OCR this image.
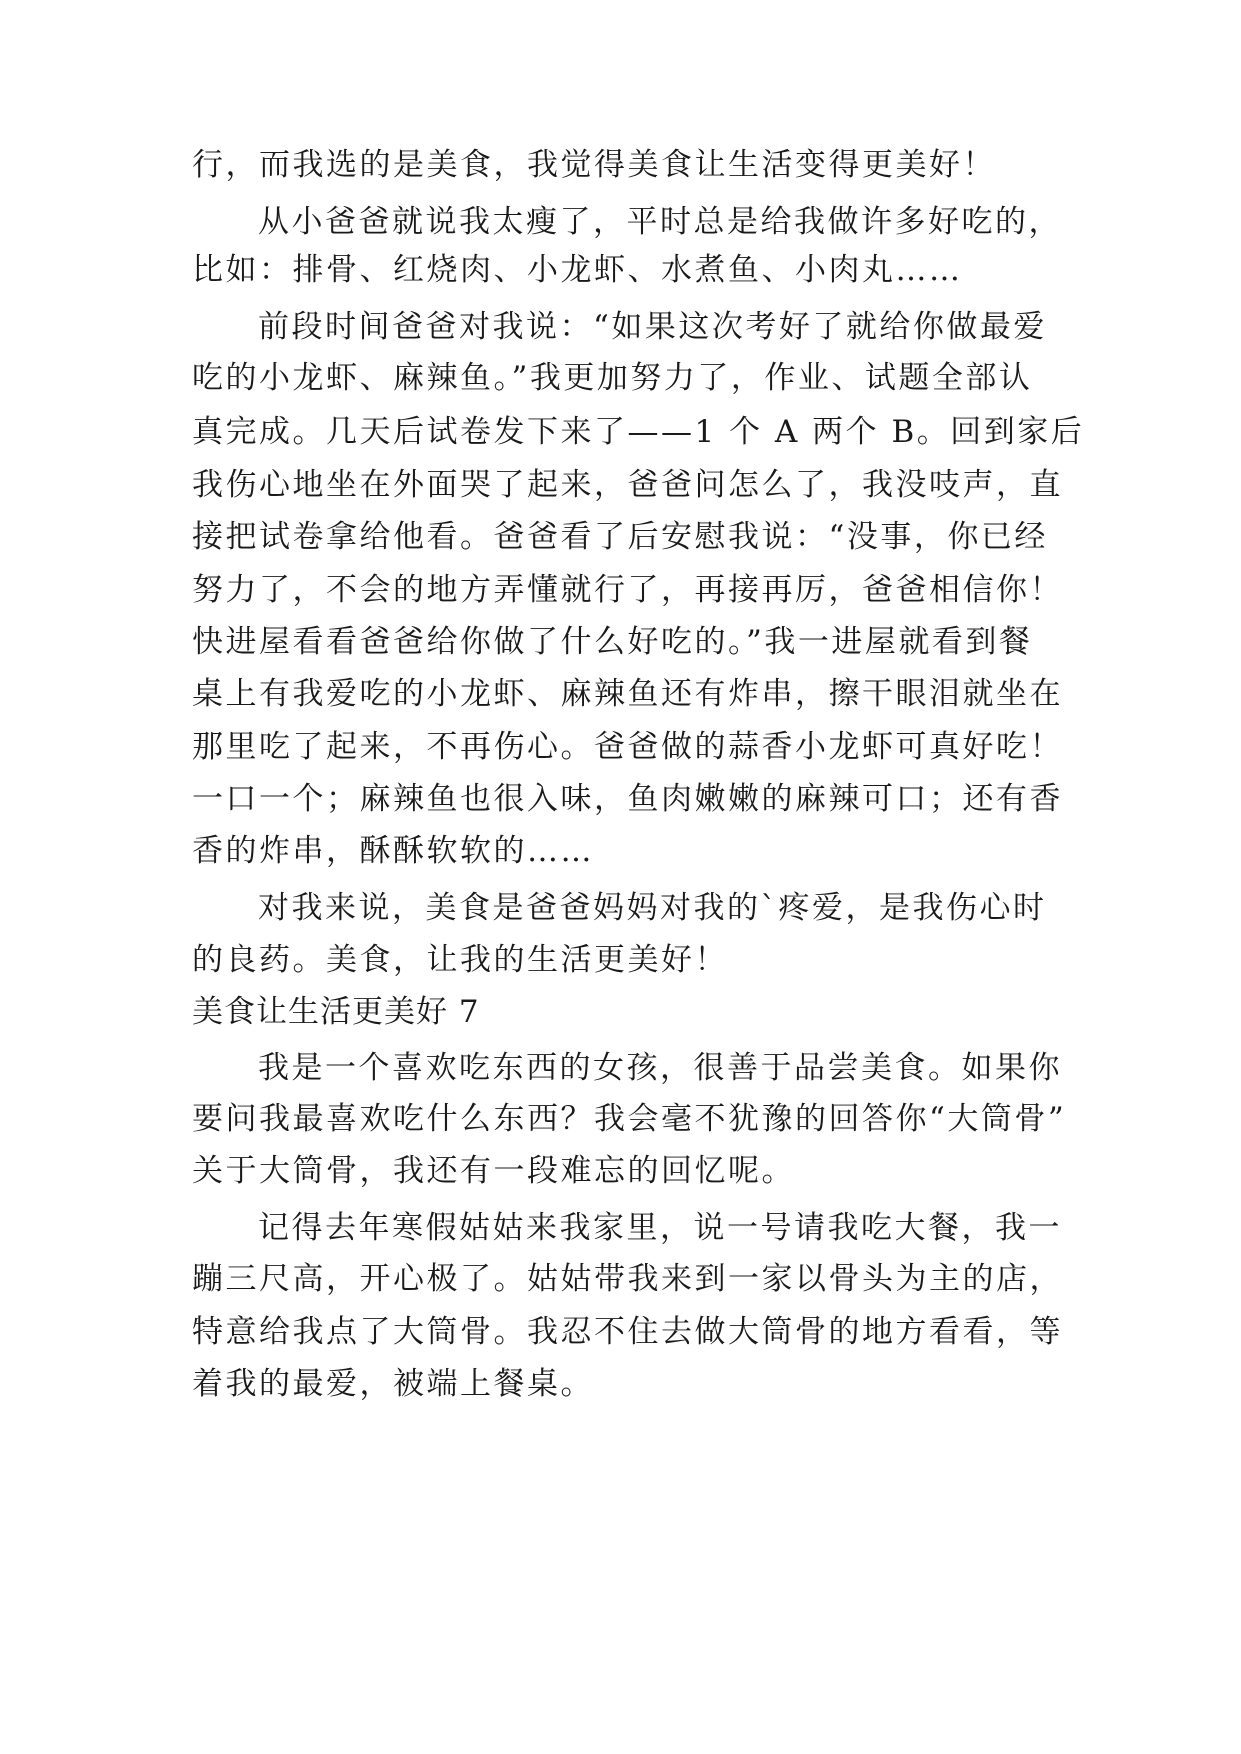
行，而我选的是美食，我觉得美食让生活变得更美好！
从小爸爸就说我太瘦了，平时总是给我做许多好吃的，
比如：排骨、红烧肉、小龙虾、水煮鱼、小肉丸……
前段时间爸爸对我说：“如果这次考好了就给你做最爱
吃的小龙虾、麻辣鱼。”我更加努力了，作业、试题全部认
真完成。几天后试卷发下来了——1 个 A 两个 B。回到家后
我伤心地坐在外面哭了起来，爸爸问怎么了，我没吱声，直
接把试卷拿给他看。爸爸看了后安慰我说：“没事，你已经
努力了，不会的地方弄懂就行了，再接再厉，爸爸相信你！
快进屋看看爸爸给你做了什么好吃的。”我一进屋就看到餐
桌上有我爱吃的小龙虾、麻辣鱼还有炸串，擦干眼泪就坐在
那里吃了起来，不再伤心。爸爸做的蒜香小龙虾可真好吃！
一口一个；麻辣鱼也很入味，鱼肉嫩嫩的麻辣可口；还有香
香的炸串，酥酥软软的……
对我来说，美食是爸爸妈妈对我的`疼爱，是我伤心时
的良药。美食，让我的生活更美好！
美食让生活更美好 7
我是一个喜欢吃东西的女孩，很善于品尝美食。如果你
要问我最喜欢吃什么东西？我会毫不犹豫的回答你“大筒骨”
关于大筒骨，我还有一段难忘的回忆呢。
记得去年寒假姑姑来我家里，说一号请我吃大餐，我一
蹦三尺高，开心极了。姑姑带我来到一家以骨头为主的店，
特意给我点了大筒骨。我忍不住去做大筒骨的地方看看，等
着我的最爱，被端上餐桌。
